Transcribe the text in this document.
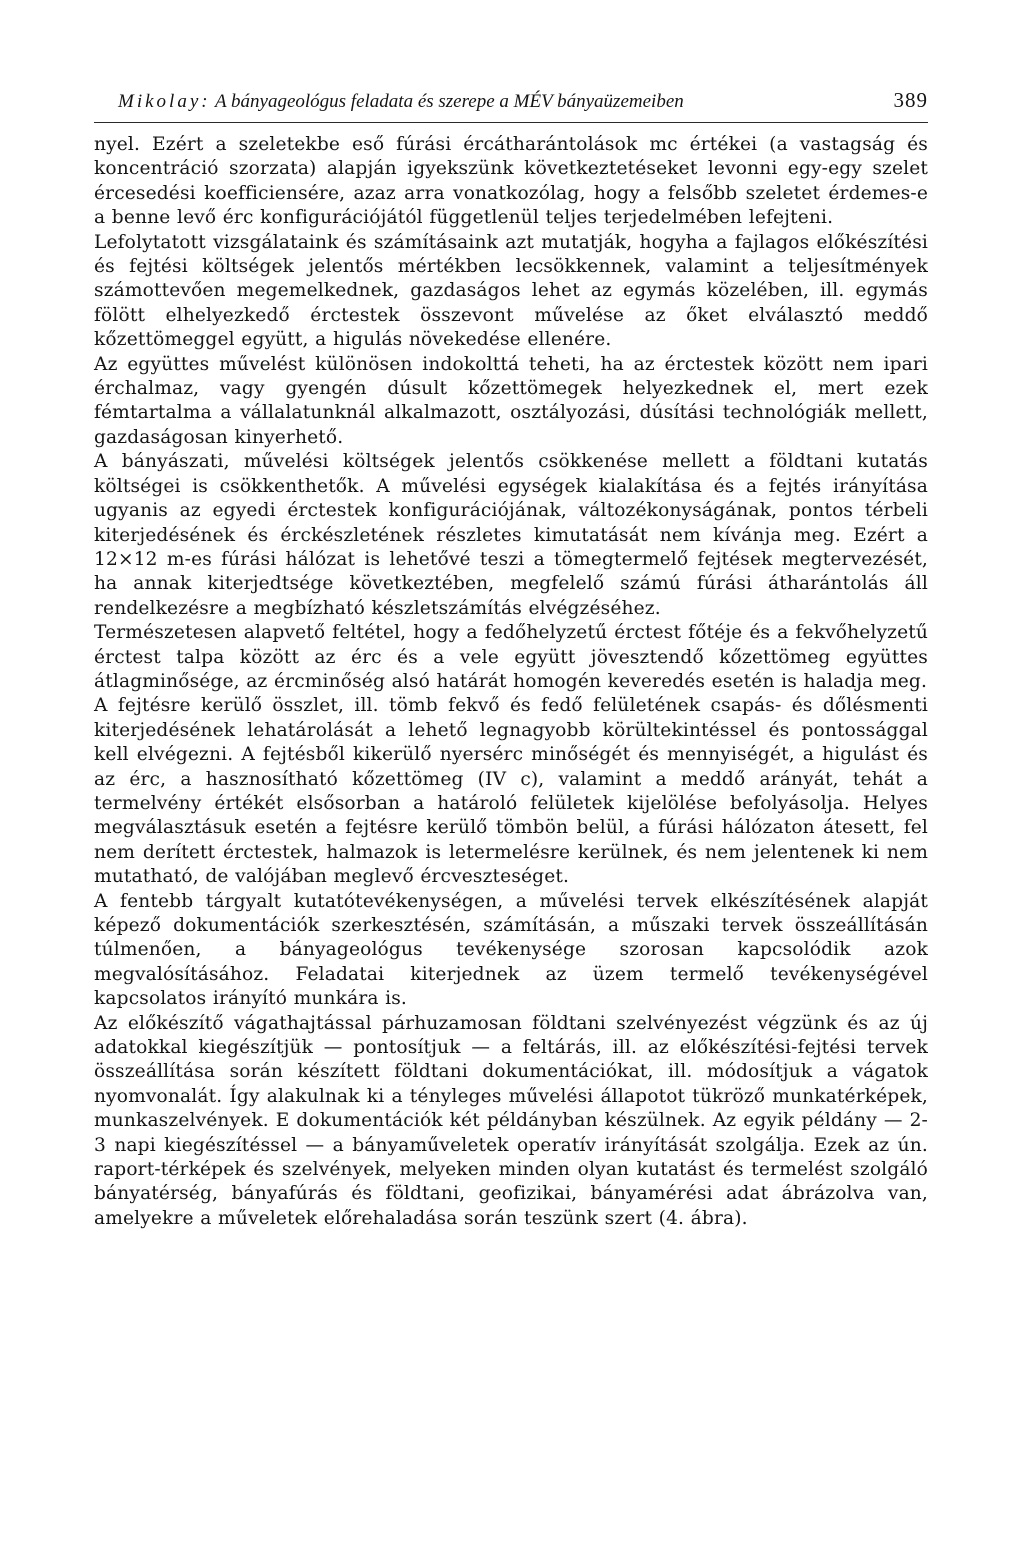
Mikolay: A bányageológus feladata és szerepe a MÉV bányaüzemeiben	389

nyel. Ezért a szeletekbe eső fúrási ércátharántolások mc értékei (a vastagság és koncentráció szorzata) alapján igyekszünk következtetéseket levonni egy-egy szelet ércesedési koefficiensére, azaz arra vonatkozólag, hogy a felsőbb szeletet érdemes-e a benne levő érc konfigurációjától függetlenül teljes terjedelmében lefejteni.

Lefolytatott vizsgálataink és számításaink azt mutatják, hogyha a fajlagos előkészítési és fejtési költségek jelentős mértékben lecsökkennek, valamint a teljesítmények számottevően megemelkednek, gazdaságos lehet az egymás közelében, ill. egymás fölött elhelyezkedő érctestek összevont művelése az őket elválasztó meddő kőzettömeggel együtt, a higulás növekedése ellenére.

Az együttes művelést különösen indokolttá teheti, ha az érctestek között nem ipari érchalmaz, vagy gyengén dúsult kőzettömegek helyezkednek el, mert ezek fémtartalma a vállalatunknál alkalmazott, osztályozási, dúsítási technológiák mellett, gazdaságosan kinyerhető.

A bányászati, művelési költségek jelentős csökkenése mellett a földtani kutatás költségei is csökkenthetők. A művelési egységek kialakítása és a fejtés irányítása ugyanis az egyedi érctestek konfigurációjának, változékonyságának, pontos térbeli kiterjedésének és érckészletének részletes kimutatását nem kívánja meg. Ezért a 12×12 m-es fúrási hálózat is lehetővé teszi a tömegtermelő fejtések megtervezését, ha annak kiterjedtsége következtében, megfelelő számú fúrási átharántolás áll rendelkezésre a megbízható készletszámítás elvégzéséhez.

Természetesen alapvető feltétel, hogy a fedőhelyzetű érctest főtéje és a fekvőhelyzetű érctest talpa között az érc és a vele együtt jövesztendő kőzettömeg együttes átlagminősége, az ércminőség alsó határát homogén keveredés esetén is haladja meg.

A fejtésre kerülő összlet, ill. tömb fekvő és fedő felületének csapás- és dőlésmenti kiterjedésének lehatárolását a lehető legnagyobb körültekintéssel és pontossággal kell elvégezni. A fejtésből kikerülő nyersérc minőségét és mennyiségét, a higulást és az érc, a hasznosítható kőzettömeg (IV c), valamint a meddő arányát, tehát a termelvény értékét elsősorban a határoló felületek kijelölése befolyásolja. Helyes megválasztásuk esetén a fejtésre kerülő tömbön belül, a fúrási hálózaton átesett, fel nem derített érctestek, halmazok is letermelésre kerülnek, és nem jelentenek ki nem mutatható, de valójában meglevő ércveszteséget.

A fentebb tárgyalt kutatótevékenységen, a művelési tervek elkészítésének alapját képező dokumentációk szerkesztésén, számításán, a műszaki tervek összeállításán túlmenően, a bányageológus tevékenysége szorosan kapcsolódik azok megvalósításához. Feladatai kiterjednek az üzem termelő tevékenységével kapcsolatos irányító munkára is.

Az előkészítő vágathajtással párhuzamosan földtani szelvényezést végzünk és az új adatokkal kiegészítjük — pontosítjuk — a feltárás, ill. az előkészítési-fejtési tervek összeállítása során készített földtani dokumentációkat, ill. módosítjuk a vágatok nyomvonalát. Így alakulnak ki a tényleges művelési állapotot tükröző munkatérképek, munkaszelvények. E dokumentációk két példányban készülnek. Az egyik példány — 2-3 napi kiegészítéssel — a bányaműveletek operatív irányítását szolgálja. Ezek az ún. raport-térképek és szelvények, melyeken minden olyan kutatást és termelést szolgáló bányatérség, bányafúrás és földtani, geofizikai, bányamérési adat ábrázolva van, amelyekre a műveletek előrehaladása során teszünk szert (4. ábra).
